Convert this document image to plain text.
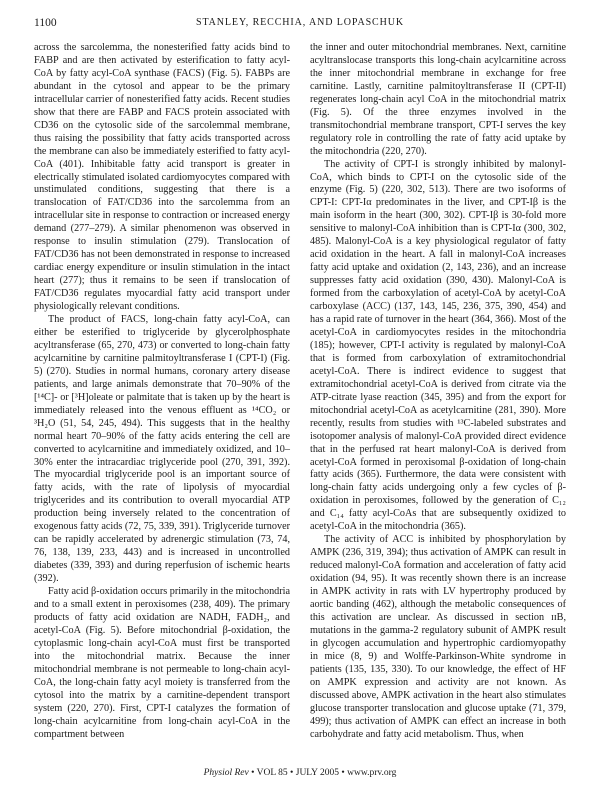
1100	STANLEY, RECCHIA, AND LOPASCHUK

across the sarcolemma, the nonesterified fatty acids bind to FABP and are then activated by esterification to fatty acyl-CoA by fatty acyl-CoA synthase (FACS) (Fig. 5). FABPs are abundant in the cytosol and appear to be the primary intracellular carrier of nonesterified fatty acids. Recent studies show that there are FABP and FACS protein associated with CD36 on the cytosolic side of the sarcolemmal membrane, thus raising the possibility that fatty acids transported across the membrane can also be immediately esterified to fatty acyl-CoA (401). Inhibitable fatty acid transport is greater in electrically stimulated isolated cardiomyocytes compared with unstimulated conditions, suggesting that there is a translocation of FAT/CD36 into the sarcolemma from an intracellular site in response to contraction or increased energy demand (277–279). A similar phenomenon was observed in response to insulin stimulation (279). Translocation of FAT/CD36 has not been demonstrated in response to increased cardiac energy expenditure or insulin stimulation in the intact heart (277); thus it remains to be seen if translocation of FAT/CD36 regulates myocardial fatty acid transport under physiologically relevant conditions.

The product of FACS, long-chain fatty acyl-CoA, can either be esterified to triglyceride by glycerolphosphate acyltransferase (65, 270, 473) or converted to long-chain fatty acylcarnitine by carnitine palmitoyltransferase I (CPT-I) (Fig. 5) (270). Studies in normal humans, coronary artery disease patients, and large animals demonstrate that 70–90% of the [¹⁴C]- or [³H]oleate or palmitate that is taken up by the heart is immediately released into the venous effluent as ¹⁴CO₂ or ³H₂O (51, 54, 245, 494). This suggests that in the healthy normal heart 70–90% of the fatty acids entering the cell are converted to acylcarnitine and immediately oxidized, and 10–30% enter the intracardiac triglyceride pool (270, 391, 392). The myocardial triglyceride pool is an important source of fatty acids, with the rate of lipolysis of myocardial triglycerides and its contribution to overall myocardial ATP production being inversely related to the concentration of exogenous fatty acids (72, 75, 339, 391). Triglyceride turnover can be rapidly accelerated by adrenergic stimulation (73, 74, 76, 138, 139, 233, 443) and is increased in uncontrolled diabetes (339, 393) and during reperfusion of ischemic hearts (392).

Fatty acid β-oxidation occurs primarily in the mitochondria and to a small extent in peroxisomes (238, 409). The primary products of fatty acid oxidation are NADH, FADH₂, and acetyl-CoA (Fig. 5). Before mitochondrial β-oxidation, the cytoplasmic long-chain acyl-CoA must first be transported into the mitochondrial matrix. Because the inner mitochondrial membrane is not permeable to long-chain acyl-CoA, the long-chain fatty acyl moiety is transferred from the cytosol into the matrix by a carnitine-dependent transport system (220, 270). First, CPT-I catalyzes the formation of long-chain acylcarnitine from long-chain acyl-CoA in the compartment between

the inner and outer mitochondrial membranes. Next, carnitine acyltranslocase transports this long-chain acylcarnitine across the inner mitochondrial membrane in exchange for free carnitine. Lastly, carnitine palmitoyltransferase II (CPT-II) regenerates long-chain acyl CoA in the mitochondrial matrix (Fig. 5). Of the three enzymes involved in the transmitochondrial membrane transport, CPT-I serves the key regulatory role in controlling the rate of fatty acid uptake by the mitochondria (220, 270).

The activity of CPT-I is strongly inhibited by malonyl-CoA, which binds to CPT-I on the cytosolic side of the enzyme (Fig. 5) (220, 302, 513). There are two isoforms of CPT-I: CPT-Iα predominates in the liver, and CPT-Iβ is the main isoform in the heart (300, 302). CPT-Iβ is 30-fold more sensitive to malonyl-CoA inhibition than is CPT-Iα (300, 302, 485). Malonyl-CoA is a key physiological regulator of fatty acid oxidation in the heart. A fall in malonyl-CoA increases fatty acid uptake and oxidation (2, 143, 236), and an increase suppresses fatty acid oxidation (390, 430). Malonyl-CoA is formed from the carboxylation of acetyl-CoA by acetyl-CoA carboxylase (ACC) (137, 143, 145, 236, 375, 390, 454) and has a rapid rate of turnover in the heart (364, 366). Most of the acetyl-CoA in cardiomyocytes resides in the mitochondria (185); however, CPT-I activity is regulated by malonyl-CoA that is formed from carboxylation of extramitochondrial acetyl-CoA. There is indirect evidence to suggest that extramitochondrial acetyl-CoA is derived from citrate via the ATP-citrate lyase reaction (345, 395) and from the export for mitochondrial acetyl-CoA as acetylcarnitine (281, 390). More recently, results from studies with ¹³C-labeled substrates and isotopomer analysis of malonyl-CoA provided direct evidence that in the perfused rat heart malonyl-CoA is derived from acetyl-CoA formed in peroxisomal β-oxidation of long-chain fatty acids (365). Furthermore, the data were consistent with long-chain fatty acids undergoing only a few cycles of β-oxidation in peroxisomes, followed by the generation of C₁₂ and C₁₄ fatty acyl-CoAs that are subsequently oxidized to acetyl-CoA in the mitochondria (365).

The activity of ACC is inhibited by phosphorylation by AMPK (236, 319, 394); thus activation of AMPK can result in reduced malonyl-CoA formation and acceleration of fatty acid oxidation (94, 95). It was recently shown there is an increase in AMPK activity in rats with LV hypertrophy produced by aortic banding (462), although the metabolic consequences of this activation are unclear. As discussed in section ɪɪB, mutations in the gamma-2 regulatory subunit of AMPK result in glycogen accumulation and hypertrophic cardiomyopathy in mice (8, 9) and Wolffe-Parkinson-White syndrome in patients (135, 135, 330). To our knowledge, the effect of HF on AMPK expression and activity are not known. As discussed above, AMPK activation in the heart also stimulates glucose transporter translocation and glucose uptake (71, 379, 499); thus activation of AMPK can effect an increase in both carbohydrate and fatty acid metabolism. Thus, when

Physiol Rev • VOL 85 • JULY 2005 • www.prv.org
